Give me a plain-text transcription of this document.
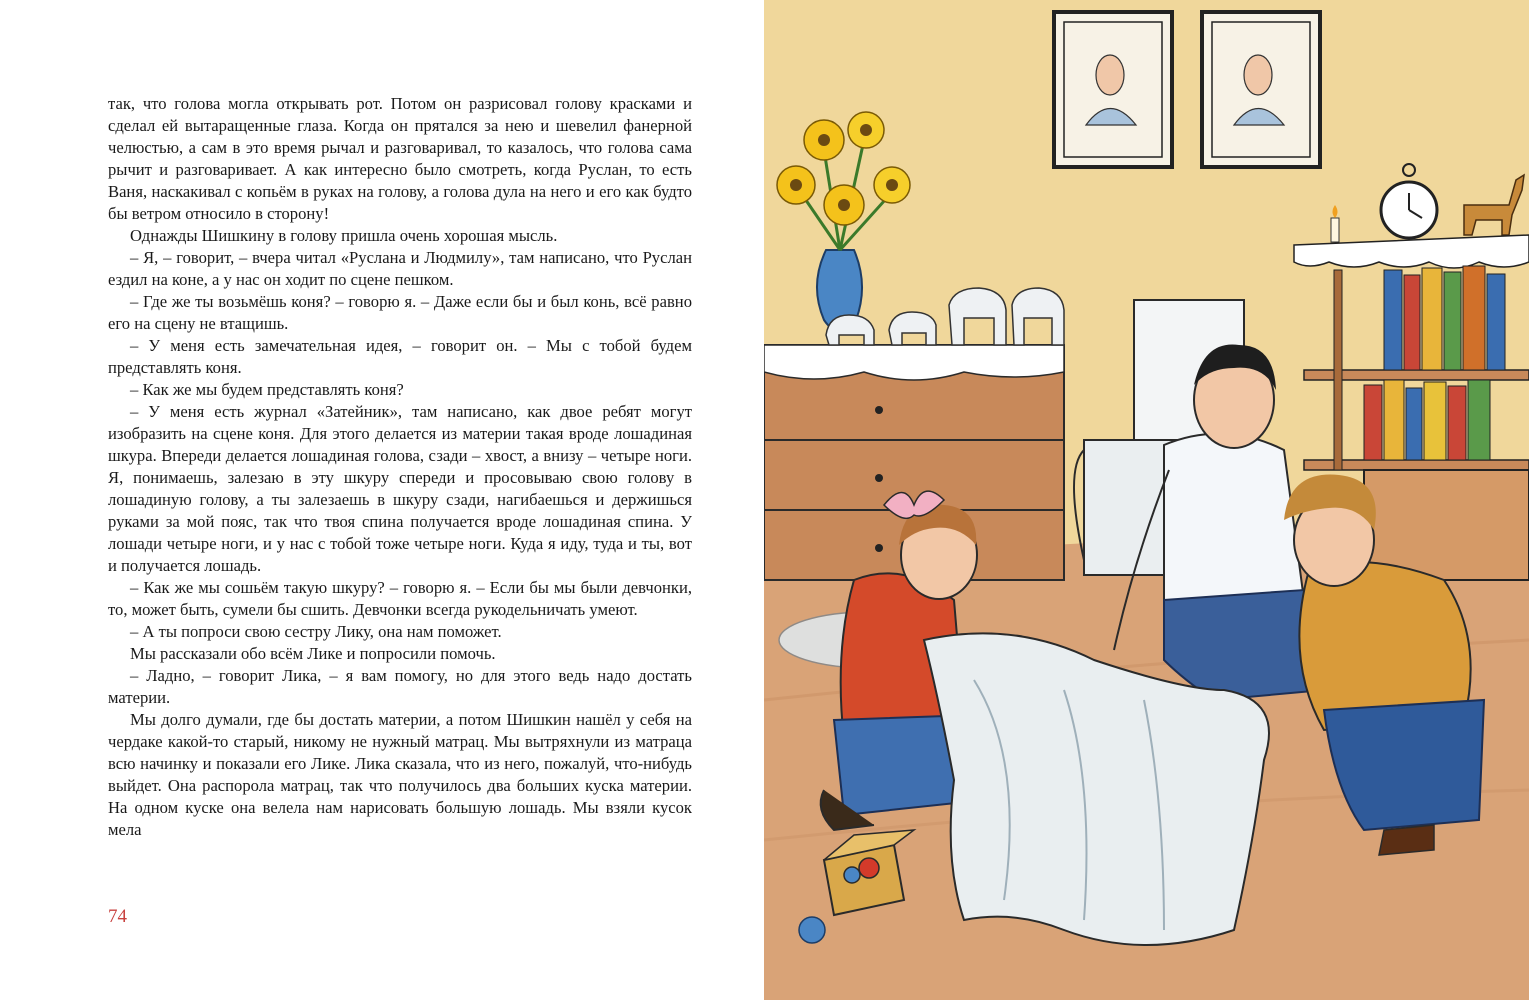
так, что голова могла открывать рот. Потом он разрисовал голову красками и сделал ей вытаращенные глаза. Когда он прятался за нею и шевелил фанерной челюстью, а сам в это время рычал и разговаривал, то казалось, что голова сама рычит и разговаривает. А как интересно было смотреть, когда Руслан, то есть Ваня, наскакивал с копьём в руках на голову, а голова дула на него и его как будто бы ветром относило в сторону!

Однажды Шишкину в голову пришла очень хорошая мысль.

– Я, – говорит, – вчера читал «Руслана и Людмилу», там написано, что Руслан ездил на коне, а у нас он ходит по сцене пешком.

– Где же ты возьмёшь коня? – говорю я. – Даже если бы и был конь, всё равно его на сцену не втащишь.

– У меня есть замечательная идея, – говорит он. – Мы с тобой будем представлять коня.

– Как же мы будем представлять коня?

– У меня есть журнал «Затейник», там написано, как двое ребят могут изобразить на сцене коня. Для этого делается из материи такая вроде лошадиная шкура. Впереди делается лошадиная голова, сзади – хвост, а внизу – четыре ноги. Я, понимаешь, залезаю в эту шкуру спереди и просовываю свою голову в лошадиную голову, а ты залезаешь в шкуру сзади, нагибаешься и держишься руками за мой пояс, так что твоя спина получается вроде лошадиная спина. У лошади четыре ноги, и у нас с тобой тоже четыре ноги. Куда я иду, туда и ты, вот и получается лошадь.

– Как же мы сошьём такую шкуру? – говорю я. – Если бы мы были девчонки, то, может быть, сумели бы сшить. Девчонки всегда рукодельничать умеют.

– А ты попроси свою сестру Лику, она нам поможет.

Мы рассказали обо всём Лике и попросили помочь.

– Ладно, – говорит Лика, – я вам помогу, но для этого ведь надо достать материи.

Мы долго думали, где бы достать материи, а потом Шишкин нашёл у себя на чердаке какой-то старый, никому не нужный матрац. Мы вытряхнули из матраца всю начинку и показали его Лике. Лика сказала, что из него, пожалуй, что-нибудь выйдет. Она распорола матрац, так что получилось два больших куска материи. На одном куске она велела нам нарисовать большую лошадь. Мы взяли кусок мела

74
